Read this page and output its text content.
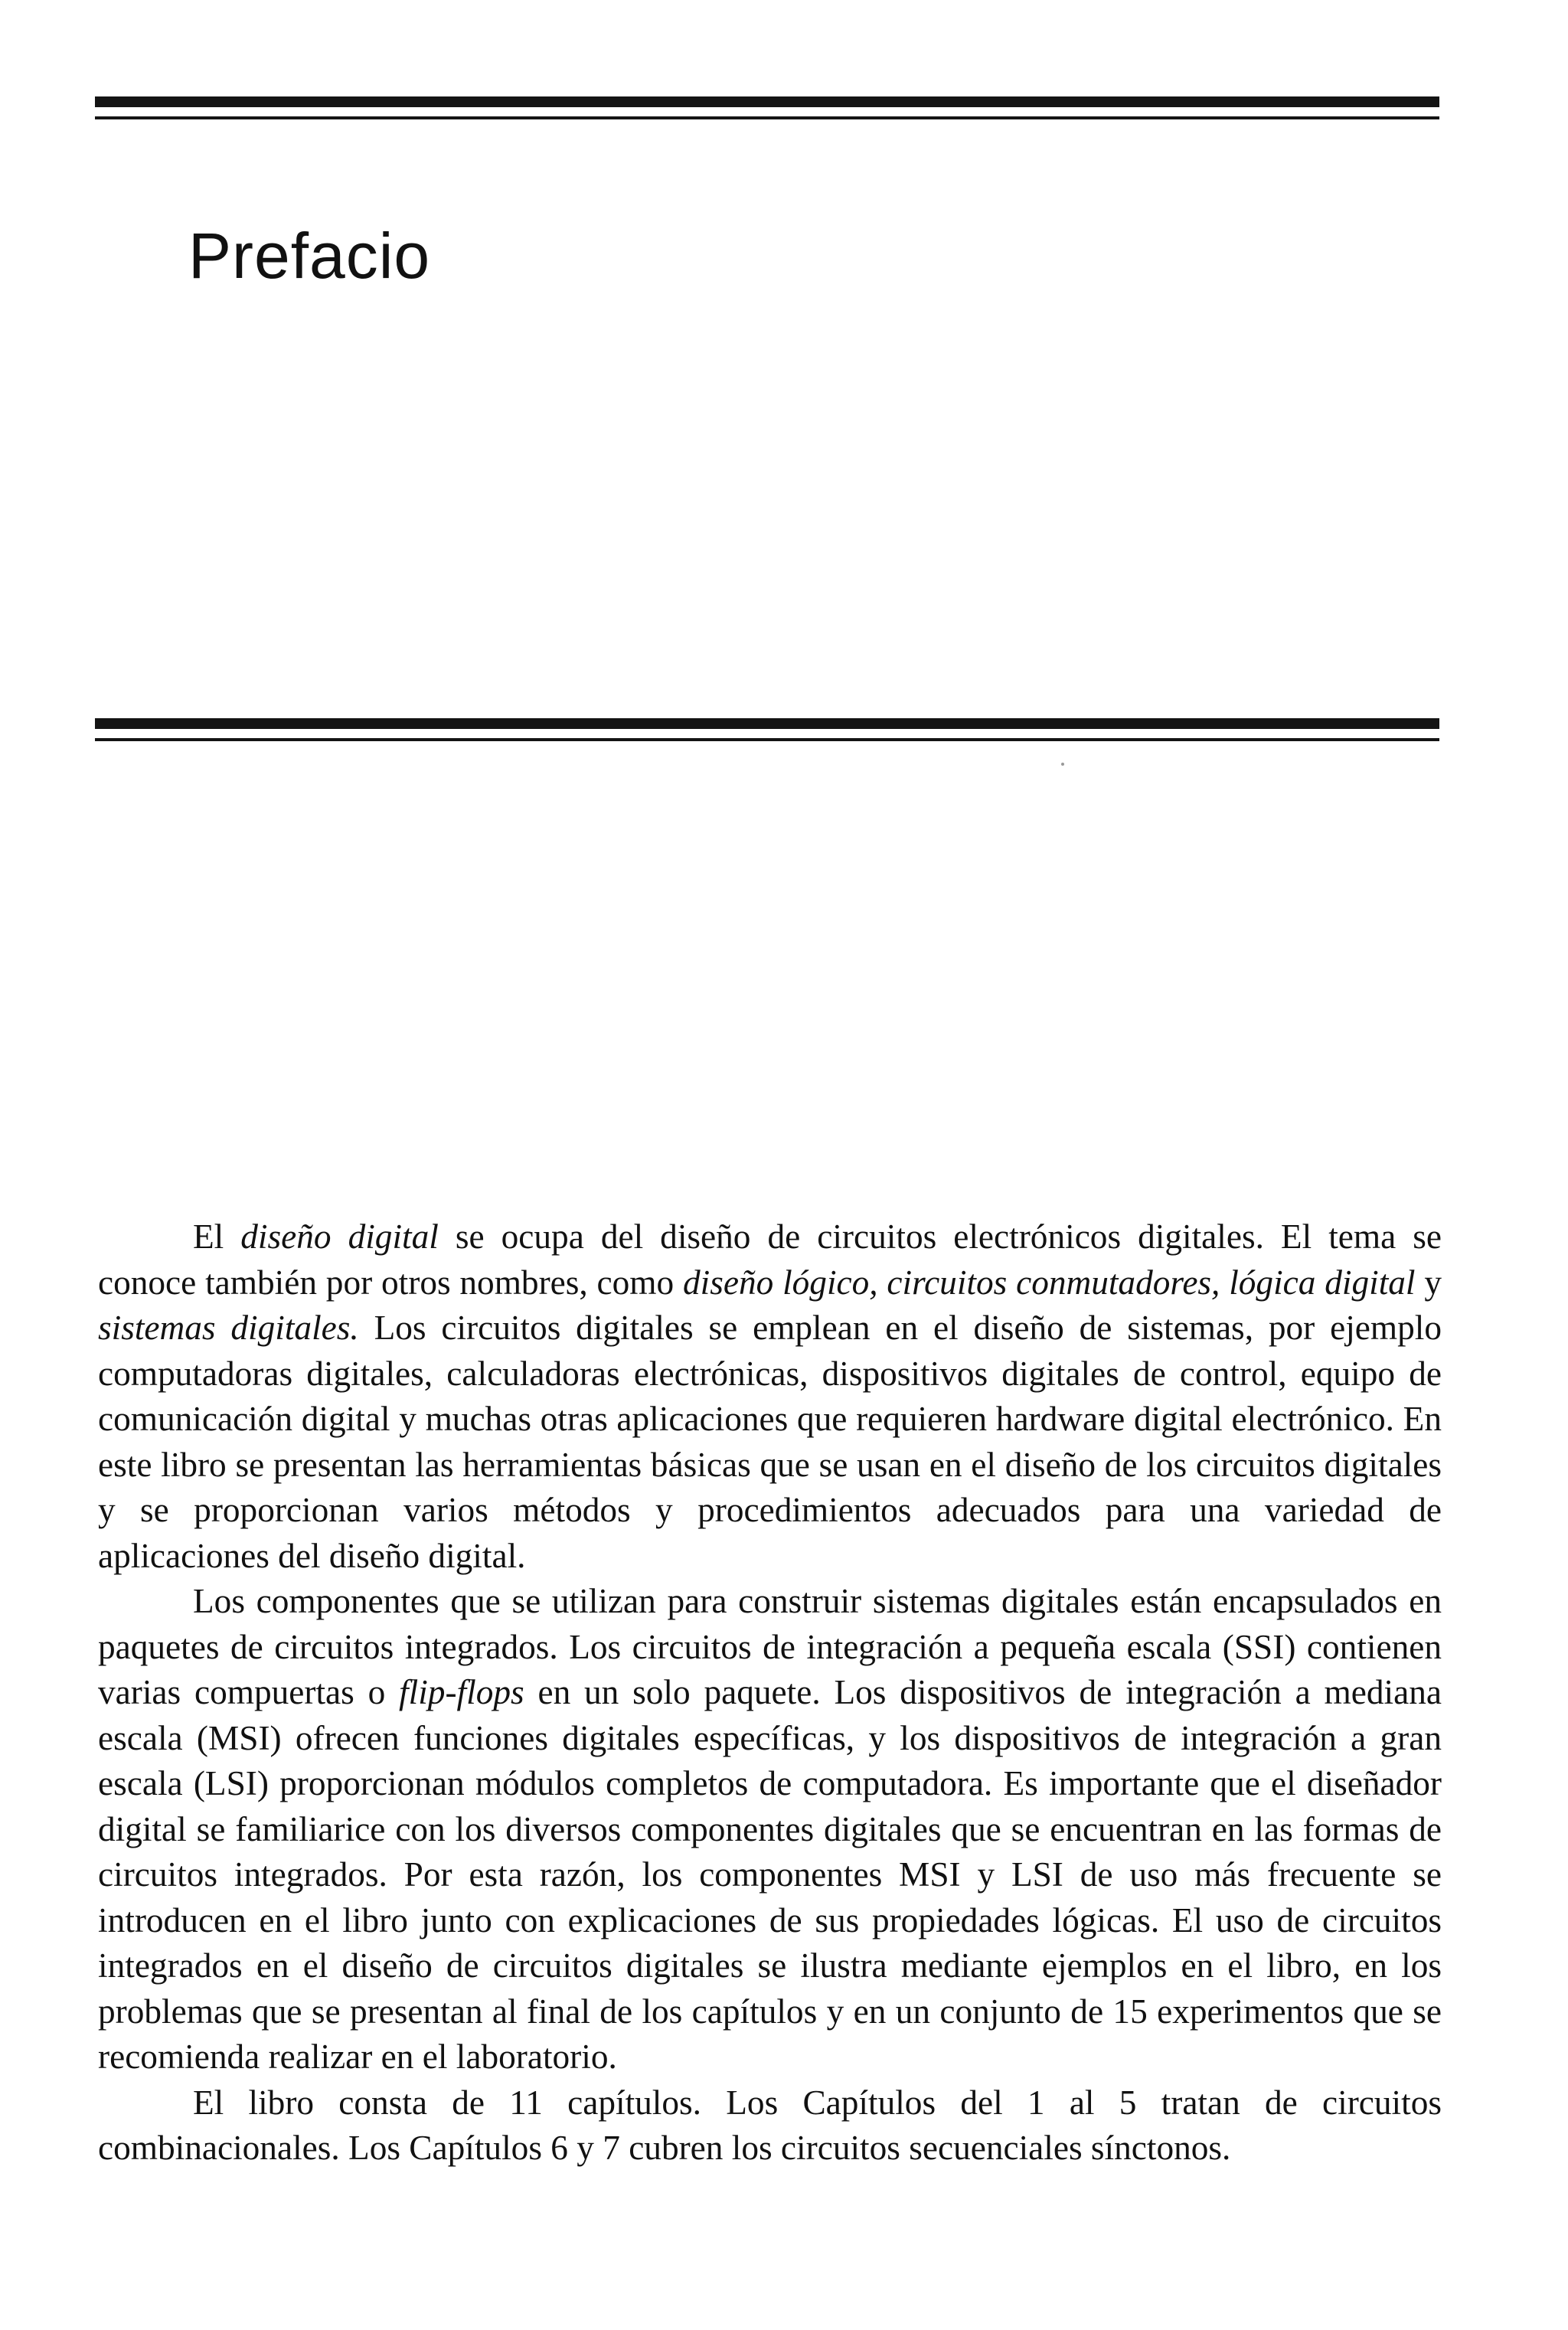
Prefacio

El diseño digital se ocupa del diseño de circuitos electrónicos digitales. El tema se conoce también por otros nombres, como diseño lógico, circuitos conmutadores, lógica digital y sistemas digitales. Los circuitos digitales se emplean en el diseño de sistemas, por ejemplo computadoras digitales, calculadoras electrónicas, dispositivos digitales de control, equipo de comunicación digital y muchas otras aplicaciones que requieren hardware digital electrónico. En este libro se presentan las herramientas básicas que se usan en el diseño de los circuitos digitales y se proporcionan varios métodos y procedimientos adecuados para una variedad de aplicaciones del diseño digital.

Los componentes que se utilizan para construir sistemas digitales están encapsulados en paquetes de circuitos integrados. Los circuitos de integración a pequeña escala (SSI) contienen varias compuertas o flip-flops en un solo paquete. Los dispositivos de integración a mediana escala (MSI) ofrecen funciones digitales específicas, y los dispositivos de integración a gran escala (LSI) proporcionan módulos completos de computadora. Es importante que el diseñador digital se familiarice con los diversos componentes digitales que se encuentran en las formas de circuitos integrados. Por esta razón, los componentes MSI y LSI de uso más frecuente se introducen en el libro junto con explicaciones de sus propiedades lógicas. El uso de circuitos integrados en el diseño de circuitos digitales se ilustra mediante ejemplos en el libro, en los problemas que se presentan al final de los capítulos y en un conjunto de 15 experimentos que se recomienda realizar en el laboratorio.

El libro consta de 11 capítulos. Los Capítulos del 1 al 5 tratan de circuitos combinacionales. Los Capítulos 6 y 7 cubren los circuitos secuenciales sínctonos.
